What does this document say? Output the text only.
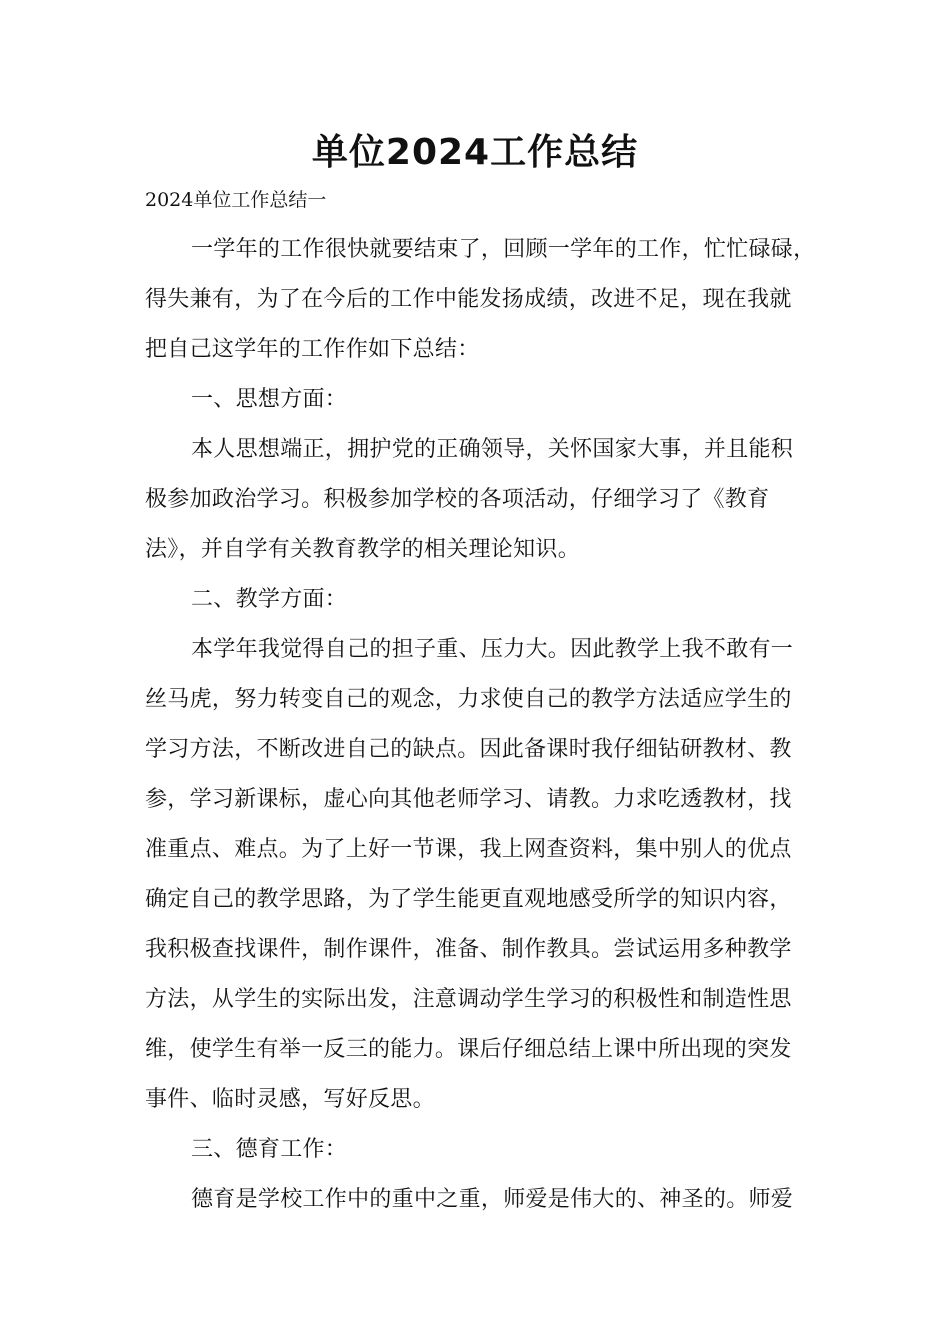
单位2024工作总结
2024单位工作总结一
一学年的工作很快就要结束了，回顾一学年的工作，忙忙碌碌，
得失兼有，为了在今后的工作中能发扬成绩，改进不足，现在我就
把自己这学年的工作作如下总结：
一、思想方面：
本人思想端正，拥护党的正确领导，关怀国家大事，并且能积
极参加政治学习。积极参加学校的各项活动，仔细学习了《教育
法》，并自学有关教育教学的相关理论知识。
二、教学方面：
本学年我觉得自己的担子重、压力大。因此教学上我不敢有一
丝马虎，努力转变自己的观念，力求使自己的教学方法适应学生的
学习方法，不断改进自己的缺点。因此备课时我仔细钻研教材、教
参，学习新课标，虚心向其他老师学习、请教。力求吃透教材，找
准重点、难点。为了上好一节课，我上网查资料，集中别人的优点
确定自己的教学思路，为了学生能更直观地感受所学的知识内容，
我积极查找课件，制作课件，准备、制作教具。尝试运用多种教学
方法，从学生的实际出发，注意调动学生学习的积极性和制造性思
维，使学生有举一反三的能力。课后仔细总结上课中所出现的突发
事件、临时灵感，写好反思。
三、德育工作：
德育是学校工作中的重中之重，师爱是伟大的、神圣的。师爱
